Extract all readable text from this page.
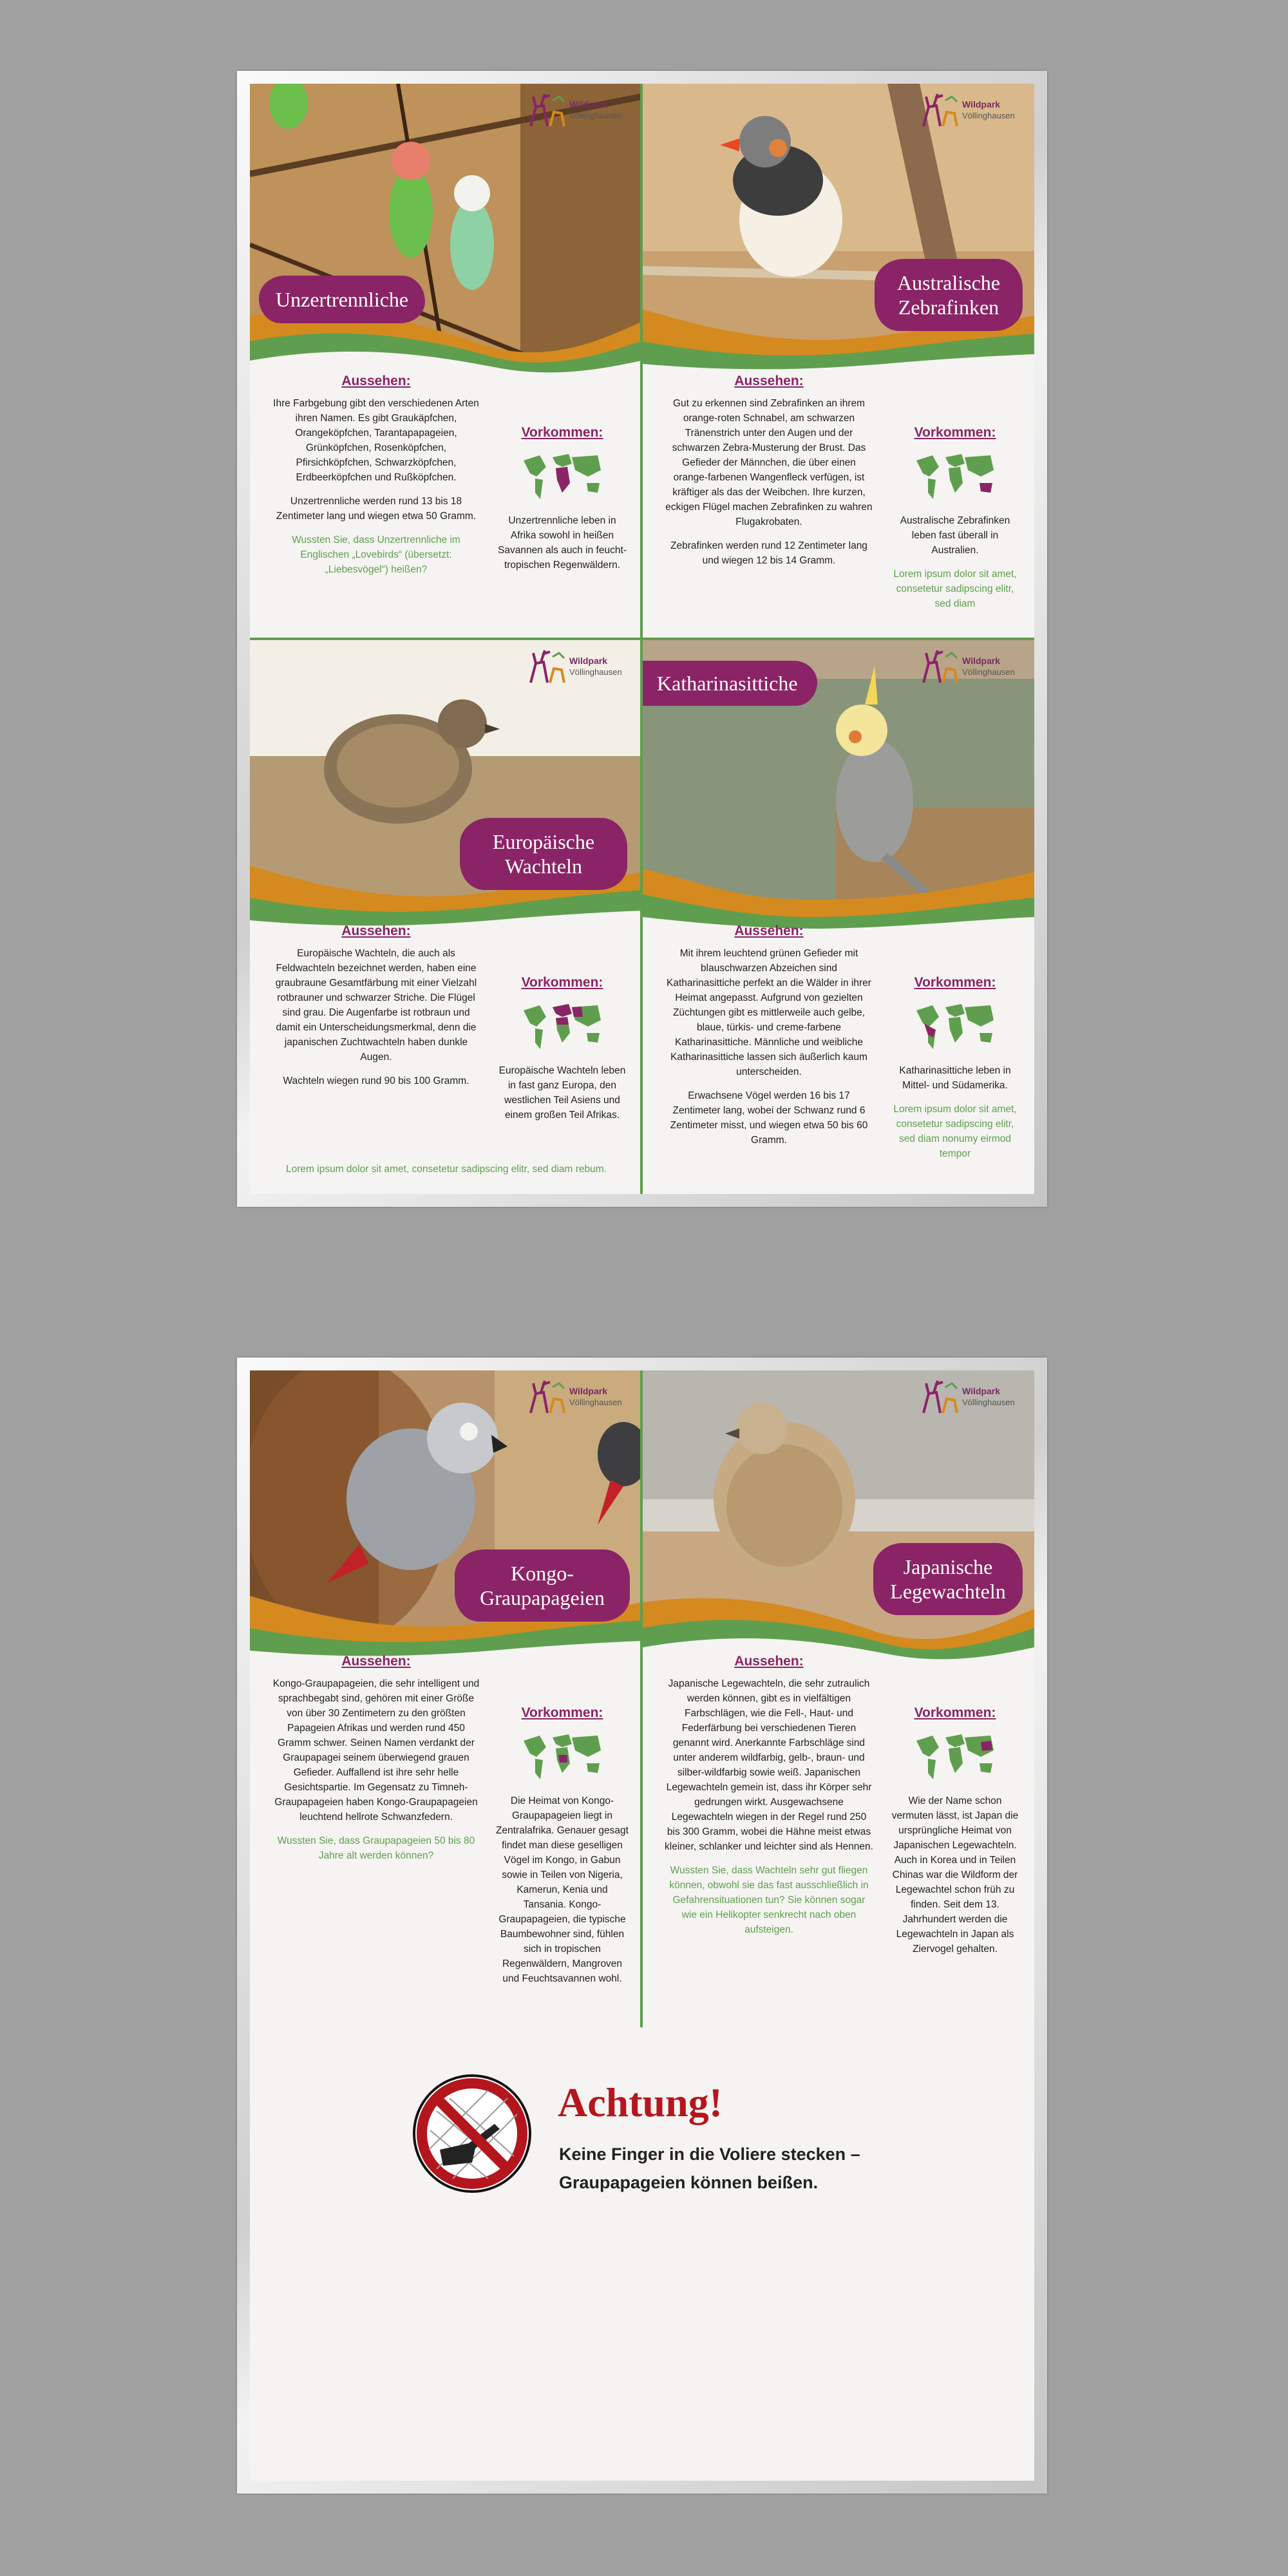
Wildpark
Völlinghausen
Unzertrennliche
Aussehen:

Ihre Farbgebung gibt den verschiedenen Arten ihren Namen. Es gibt Graukäpfchen, Orangeköpfchen, Tarantapapageien, Grünköpfchen, Rosenköpfchen, Pfirsichköpfchen, Schwarzköpfchen, Erdbeerköpfchen und Rußköpfchen.

Unzertrennliche werden rund 13 bis 18 Zentimeter lang und wiegen etwa 50 Gramm.

Wussten Sie, dass Unzertrennliche im Englischen „Lovebirds“ (übersetzt: „Liebesvögel“) heißen?

Vorkommen:
Unzertrennliche leben in Afrika sowohl in heißen Savannen als auch in feucht-tropischen Regenwäldern.
Wildpark
Völlinghausen
Australische Zebrafinken
Aussehen:

Gut zu erkennen sind Zebrafinken an ihrem orange-roten Schnabel, am schwarzen Tränenstrich unter den Augen und der schwarzen Zebra-Musterung der Brust. Das Gefieder der Männchen, die über einen orange-farbenen Wangenfleck verfügen, ist kräftiger als das der Weibchen. Ihre kurzen, eckigen Flügel machen Zebrafinken zu wahren Flugakrobaten.

Zebrafinken werden rund 12 Zentimeter lang und wiegen 12 bis 14 Gramm.

Vorkommen:
Australische Zebrafinken leben fast überall in Australien.
Lorem ipsum dolor sit amet, consetetur sadipscing elitr, sed diam
Wildpark
Völlinghausen
Europäische Wachteln
Aussehen:

Europäische Wachteln, die auch als Feldwachteln bezeichnet werden, haben eine graubraune Gesamtfärbung mit einer Vielzahl rotbrauner und schwarzer Striche. Die Flügel sind grau. Die Augenfarbe ist rotbraun und damit ein Unterscheidungsmerkmal, denn die japanischen Zuchtwachteln haben dunkle Augen.

Wachteln wiegen rund 90 bis 100 Gramm.

Vorkommen:
Europäische Wachteln leben in fast ganz Europa, den westlichen Teil Asiens und einem großen Teil Afrikas.
Lorem ipsum dolor sit amet, consetetur sadipscing elitr, sed diam rebum.
Wildpark
Völlinghausen
Katharinasittiche
Aussehen:

Mit ihrem leuchtend grünen Gefieder mit blauschwarzen Abzeichen sind Katharinasittiche perfekt an die Wälder in ihrer Heimat angepasst. Aufgrund von gezielten Züchtungen gibt es mittlerweile auch gelbe, blaue, türkis- und creme-farbene Katharinasittiche. Männliche und weibliche Katharinasittiche lassen sich äußerlich kaum unterscheiden.

Erwachsene Vögel werden 16 bis 17 Zentimeter lang, wobei der Schwanz rund 6 Zentimeter misst, und wiegen etwa 50 bis 60 Gramm.

Vorkommen:
Katharinasittiche leben in Mittel- und Südamerika.
Lorem ipsum dolor sit amet, consetetur sadipscing elitr, sed diam nonumy eirmod tempor
Wildpark
Völlinghausen
Kongo-Graupapageien
Aussehen:

Kongo-Graupapageien, die sehr intelligent und sprachbegabt sind, gehören mit einer Größe von über 30 Zentimetern zu den größten Papageien Afrikas und werden rund 450 Gramm schwer. Seinen Namen verdankt der Graupapagei seinem überwiegend grauen Gefieder. Auffallend ist ihre sehr helle Gesichtspartie. Im Gegensatz zu Timneh-Graupapageien haben Kongo-Graupapageien leuchtend hellrote Schwanzfedern.

Wussten Sie, dass Graupapageien 50 bis 80 Jahre alt werden können?

Vorkommen:
Die Heimat von Kongo-Graupapageien liegt in Zentralafrika. Genauer gesagt findet man diese geselligen Vögel im Kongo, in Gabun sowie in Teilen von Nigeria, Kamerun, Kenia und Tansania. Kongo-Graupapageien, die typische Baumbewohner sind, fühlen sich in tropischen Regenwäldern, Mangroven und Feuchtsavannen wohl.
Wildpark
Völlinghausen
Japanische Legewachteln
Aussehen:

Japanische Legewachteln, die sehr zutraulich werden können, gibt es in vielfältigen Farbschlägen, wie die Fell-, Haut- und Federfärbung bei verschiedenen Tieren genannt wird. Anerkannte Farbschläge sind unter anderem wildfarbig, gelb-, braun- und silber-wildfarbig sowie weiß. Japanischen Legewachteln gemein ist, dass ihr Körper sehr gedrungen wirkt. Ausgewachsene Legewachteln wiegen in der Regel rund 250 bis 300 Gramm, wobei die Hähne meist etwas kleiner, schlanker und leichter sind als Hennen.

Wussten Sie, dass Wachteln sehr gut fliegen können, obwohl sie das fast ausschließlich in Gefahrensituationen tun? Sie können sogar wie ein Helikopter senkrecht nach oben aufsteigen.

Vorkommen:
Wie der Name schon vermuten lässt, ist Japan die ursprüngliche Heimat von Japanischen Legewachteln. Auch in Korea und in Teilen Chinas war die Wildform der Legewachtel schon früh zu finden. Seit dem 13. Jahrhundert werden die Legewachteln in Japan als Ziervogel gehalten.
Achtung!
Keine Finger in die Voliere stecken –
Graupapageien können beißen.
